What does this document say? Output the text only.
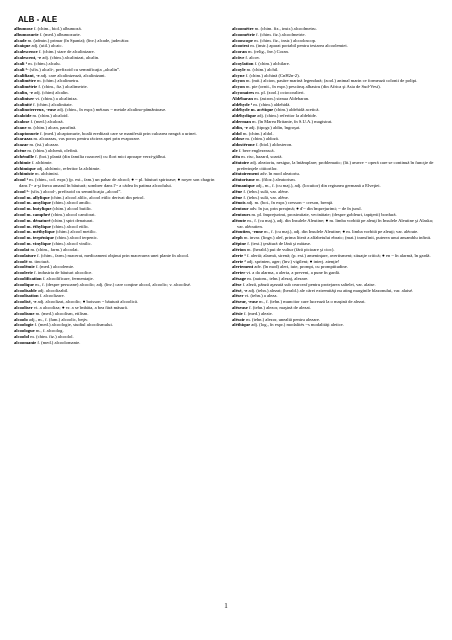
ALB - ALE
albumose f. (chim., biol.) albumoză.
albumosurie f. (med.) albumozurie.
alcade m. (admin.) primar (în Spania); (înv.) alcade, judecător.
alcaique adj. (util.) alcaic.
alcalescence f. (chim.) stare de alcalinizare.
alcalescent, -e adj. (chim.) alcalinizat, alcalin.
alcali ¹ m. (chim.) alcalu.
alcali ²- (sfix.) alcali-, prefixoid cu semnificaţia „alcalin”.
alcalifiant, -e adj. care alcalinizează, alcalinizant.
alcalimètre m. (chim.) alcalimetru.
alcalimétrie f. (chim., fiz.) alcalimetrie.
alcalin, -e adj. (chim) alcalin.
alcaliniser vt. (chim.) a alcaliniza.
alcalinité f. (chim.) alcalinitate.
alcalinoterreux, -euse adj. (chim., în expr.) métaux ~ metale alcalino-pământoase.
alcaloïde m. (chim.) alcaloid.
alcalose f. (med.) alcaloză.
alcane m. (chim.) alcan, parafină.
alcaptonurie f. (med.) alcaptonurie, boală ereditară care se manifestă prin culoarea neagră a urinei.
alcarazas m. alcarazas, vas poros pentru răcirea apei prin evaporare.
alcazar m. (ist.) alcazar.
alcène m. (chim.) alchenă, olefină.
alchémille f. (bot.) plantă (din familia rozaceei) cu flori mici aproape verzi-gălbui.
alchimie f. alchimie.
alchimique adj. alchimic, referitor la alchimie.
alchimiste m. alchimist.
alcool ¹ m. (chim., col. expr.) (p. ext., fam.) un pahar de alcool; ● ~ pl. băuturi spirtoase; ● noyer son chagrin dans l'~ a-şi îneca amarul în băutură; sombrer dans l'~ a cădea în patima alcoolului.
alcool ²- (sfix.) alcool-, prefixoid cu semnificaţia „alcool”.
alcool m. allylique (chim.) alcool alilic, alcool etilic derivat din petrol.
alcool m. amylique (chim.) alcool amilic.
alcool m. butylique (chim.) alcool butilic.
alcool m. camphré (chim.) alcool camforat.
alcool m. dénaturé (chim.) spirt denaturat.
alcool m. éthylique (chim.) alcool etilic.
alcool m. méthylique (chim.) alcool metilic.
alcool m. terpénique (chim.) alcool terpenic.
alcool m. vinylique (chim.) alcool vinilic.
alcoolat m. (chim., farm.) alcoolat.
alcoolature f. (chim., farm.) macerat, medicament obţinut prin macerarea unei plante în alcool.
alcoolé m. tinctură.
alcoolémie f. (med.) alcoolemie.
alcoolerie f. industria de băuturi alcoolice.
alcoolification f. alcoolificare, fermentaţie.
alcoolique m., f. (despre persoane) alcoolic; adj. (înv.) care conţine alcool, alcoolic; v. alcoolisé.
alcoolisable adj. alcoolizabil.
alcoolisation f. alcoolizare.
alcoolisé, -e adj. alcoolizat, alcoolic; ● boisson ~ băutură alcoolică.
alcooliser vt. a alcooliza; ● vr. a se îmbăta, a bea fără măsură.
alcoolisme m. (med.) alcoolism, etilism.
alcoolo adj., m., f. (fam.) alcoolic, beţiv.
alcoologie f. (med.) alcoologie, studiul alcoolismului.
alcoologue m., f. alcoolog.
alcoolol m. (chim. fiz.) alcoolol.
alcoomanie f. (med.) alcoolomanie.
alcoomètre m. (chim. fiz., instr.) alcoolmetru.
alcoométrie f. (chim. fiz.) alcoolmetrie.
alcooscope m. (chim. fiz., instr.) alcooloscop.
alcootest m. (instr.) aparat portabil pentru testarea alcoolemiei.
alcoran m. (relig., înv.) Coran.
alcôve f. alcov.
alcoylation f. (chim.) alchilare.
alcoyle m. (chim.) alchil.
alcyne f. (chim.) alchină (CnH2n-2).
alcyon m. (mit.) alcion, pasăre marină legendară; (zool.) animal marin ce formează colonii de polipi.
alcyon m. pie (ornit., în expr.) pescăruş albastru (din Africa şi Asia de Sud-Vest).
alcyonaires m. pl. (zool.) octocoralieri.
Aldébaran m. (astron.) steaua Aldebaran.
aldéhyde ¹ m. (chim.) aldehidă.
aldéhyde m. acétique (chim.) aldehidă acetică.
aldéhydique adj. (chim.) referitor la aldehide.
alderman m. (în Marea Britanie, în S.U.A.) magistrat.
aldin, -e adj. (tipogr.) aldin, îngroşat.
aldol m. (chim.) aldol.
aldose m. (chim.) aldoză.
aldostérone f. (biol.) aldosteron.
ale f. bere englezească.
aléa m. risc, hazard, soartă.
aléatoire adj. aleatoriu, nesigur, la întâmplare; problematic; (lit.) œuvre ~ operă care se continuă în funcţie de preferinţele cititorilor.
aléatoirement adv. în mod aleatoriu.
aléatorisme m. (filoz.) aleatorism.
alémanique adj., m., f. (cu maj.), adj. (locuitor) din regiunea germană a Elveţiei.
alêne f. (tehn.) sulă, var. alène.
alène f. (tehn.) sulă, var. alêne.
alénois adj. m. (bot., în expr.) cresson ~ creson, brenţă.
alentour adv. în jur, prin preajmă; ● d'~ din împrejurimi; ~ de în jurul.
alentours m. pl. împrejurimi, proximitate, vecinătate; (despre gobleuri, tapiţerii) bordură.
aléoute m., f. (cu maj.), adj. din Insulele Aleutine; ● m. limba vorbită pe aleuţi în Insulele Aleutine şi Alaska; var. aléoutien.
aléoutien, -enne m., f. (cu maj.), adj. din Insulele Aleutine; ● m. limba vorbită pe aleuţi; var. aléoute.
aleph m. invar. (lingv.) alef, prima literă a alfabetului ebraic; (mat.) transfinit, puterea unui ansamblu infinit.
alépine f. (text.) ţesătură de lână şi mătase.
alérion m. (herald.) pui de vultur (fără picioare şi cioc).
alerte ¹ f. alertă; alarmă, sirenă; (p. ext.) ameninţare, avertisment; situaţie critică; ● en ~ în alarmă, în gardă.
alerte ² adj. sprinten, ager; (înv.) vigilent; ● interj. atenţie!
alertement adv. (în mod) alert, iute, prompt, cu promptitudine.
alerter vt. a da alarma, a alerta, a preveni, a pune în gardă.
alésage m. (autom., tehn.) alezaj, alezare.
alèse f. alezâ, pânză aşezată sub cearceaf pentru protejarea saltelei, var. alaise.
alésé, -e adj. (tehn.) alezat; (herald.) ale cărei extremităţi nu ating marginile blazonului, var. alaisé.
aléser vt. (tehn.) a aleza.
aléseur, -euse m., f. (tehn.) muncitor care lucrează la o maşină de alezat.
aléseuse f. (tehn.) alezor, maşină de alezat.
alésie f. (med.) alezie.
alésoir m. (tehn.) alezor, unealtă pentru alezare.
aléthique adj. (log., în expr.) modalités ~s modalităţi aletice.
1
